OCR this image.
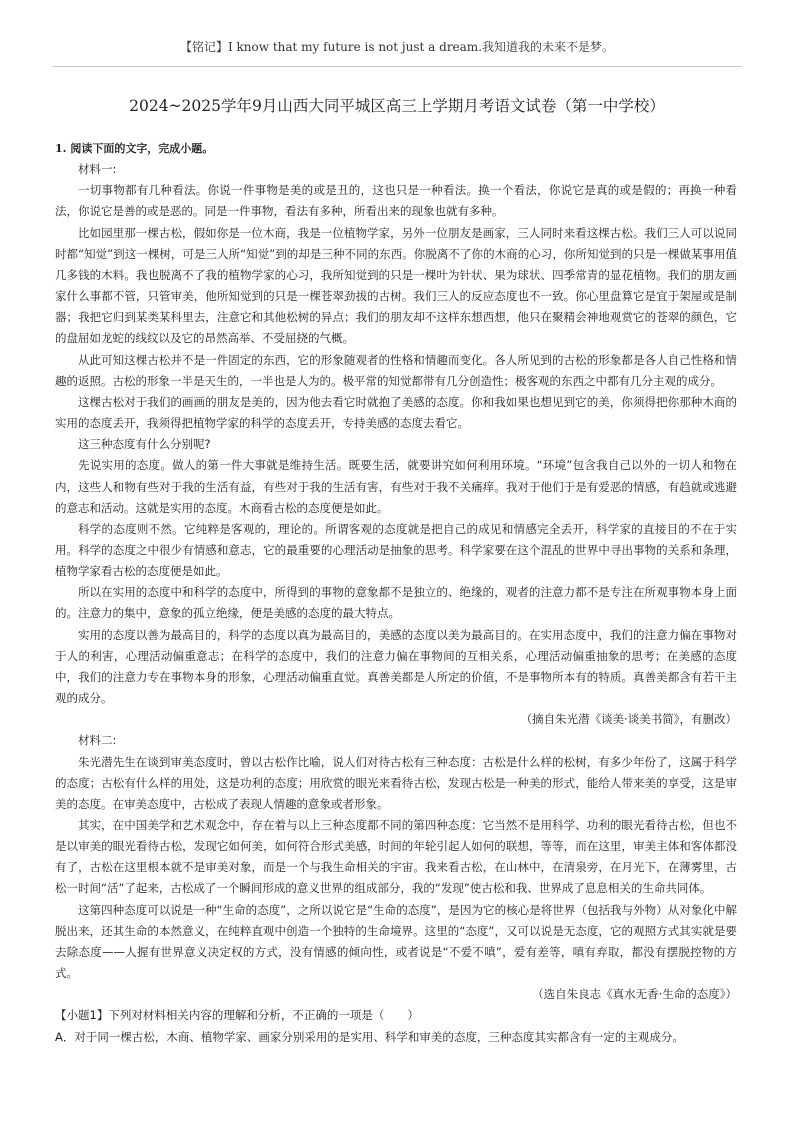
【铭记】I know that my future is not just a dream.我知道我的未来不是梦。
2024~2025学年9月山西大同平城区高三上学期月考语文试卷（第一中学校）

1. 阅读下面的文字，完成小题。

材料一:

一切事物都有几种看法。你说一件事物是美的或是丑的，这也只是一种看法。换一个看法，你说它是真的或是假的；再换一种看法，你说它是善的或是恶的。同是一件事物，看法有多种，所看出来的现象也就有多种。

比如园里那一棵古松，假如你是一位木商，我是一位植物学家，另外一位朋友是画家，三人同时来看这棵古松。我们三人可以说同时都“知觉”到这一棵树，可是三人所“知觉”到的却是三种不同的东西。你脱离不了你的木商的心习，你所知觉到的只是一棵做某事用值几多钱的木料。我也脱离不了我的植物学家的心习，我所知觉到的只是一棵叶为针状、果为球状、四季常青的显花植物。我们的朋友画家什么事都不管，只管审美，他所知觉到的只是一棵苍翠劲拔的古树。我们三人的反应态度也不一致。你心里盘算它是宜于架屋或是制器；我把它归到某类某科里去，注意它和其他松树的异点；我们的朋友却不这样东想西想，他只在聚精会神地观赏它的苍翠的颜色，它的盘屈如龙蛇的线纹以及它的昂然高举、不受屈挠的气概。

从此可知这棵古松并不是一件固定的东西，它的形象随观者的性格和情趣而变化。各人所见到的古松的形象都是各人自己性格和情趣的返照。古松的形象一半是天生的，一半也是人为的。极平常的知觉都带有几分创造性；极客观的东西之中都有几分主观的成分。

这棵古松对于我们的画画的朋友是美的，因为他去看它时就抱了美感的态度。你和我如果也想见到它的美，你须得把你那种木商的实用的态度丢开，我须得把植物学家的科学的态度丢开，专持美感的态度去看它。

这三种态度有什么分别呢?

先说实用的态度。做人的第一件大事就是维持生活。既要生活，就要讲究如何利用环境。“环境”包含我自己以外的一切人和物在内，这些人和物有些对于我的生活有益，有些对于我的生活有害，有些对于我不关痛痒。我对于他们于是有爱恶的情感，有趋就或逃避的意志和活动。这就是实用的态度。木商看古松的态度便是如此。

科学的态度则不然。它纯粹是客观的，理论的。所谓客观的态度就是把自己的成见和情感完全丢开，科学家的直接目的不在于实用。科学的态度之中很少有情感和意志，它的最重要的心理活动是抽象的思考。科学家要在这个混乱的世界中寻出事物的关系和条理，植物学家看古松的态度便是如此。

所以在实用的态度中和科学的态度中，所得到的事物的意象都不是独立的、绝缘的，观者的注意力都不是专注在所观事物本身上面的。注意力的集中，意象的孤立绝缘，便是美感的态度的最大特点。

实用的态度以善为最高目的，科学的态度以真为最高目的，美感的态度以美为最高目的。在实用态度中，我们的注意力偏在事物对于人的利害，心理活动偏重意志；在科学的态度中，我们的注意力偏在事物间的互相关系，心理活动偏重抽象的思考；在美感的态度中，我们的注意力专在事物本身的形象，心理活动偏重直觉。真善美都是人所定的价值，不是事物所本有的特质。真善美都含有若干主观的成分。

（摘自朱光潜《谈美·谈美书简》，有删改）

材料二:

朱光潜先生在谈到审美态度时，曾以古松作比喻，说人们对待古松有三种态度：古松是什么样的松树，有多少年份了，这属于科学的态度；古松有什么样的用处，这是功利的态度；用欣赏的眼光来看待古松，发现古松是一种美的形式，能给人带来美的享受，这是审美的态度。在审美态度中，古松成了表现人情趣的意象或者形象。

其实，在中国美学和艺术观念中，存在着与以上三种态度都不同的第四种态度：它当然不是用科学、功利的眼光看待古松，但也不是以审美的眼光看待古松，发现它如何美，如何符合形式美感，时间的年轮引起人如何的联想，等等，而在这里，审美主体和客体都没有了，古松在这里根本就不是审美对象，而是一个与我生命相关的宇宙。我来看古松，在山林中，在清泉旁，在月光下，在薄雾里，古松一时间“活”了起来，古松成了一个瞬间形成的意义世界的组成部分，我的“发现”使古松和我、世界成了息息相关的生命共同体。

这第四种态度可以说是一种“生命的态度”，之所以说它是“生命的态度”，是因为它的核心是将世界（包括我与外物）从对象化中解脱出来，还其生命的本然意义，在纯粹直观中创造一个独特的生命境界。这里的“态度”，又可以说是无态度，它的观照方式其实就是要去除态度——人握有世界意义决定权的方式，没有情感的倾向性，或者说是“不爱不嗔”，爱有差等，嗔有弃取，都没有摆脱控物的方式。

（选自朱良志《真水无香·生命的态度》）

【小题1】下列对材料相关内容的理解和分析，不正确的一项是（　　）

A．对于同一棵古松，木商、植物学家、画家分别采用的是实用、科学和审美的态度，三种态度其实都含有一定的主观成分。
